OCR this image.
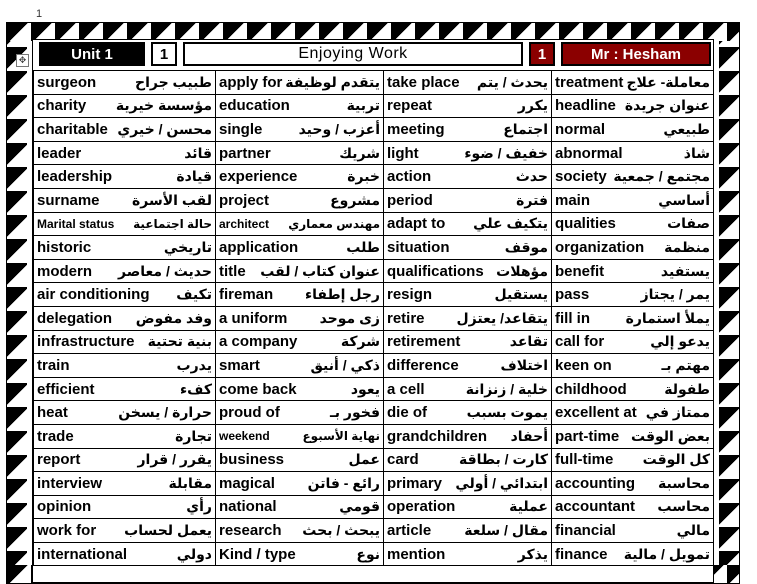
1
Unit 1	1	Enjoying Work	1	Mr : Hesham
surgeon طبيب جراح	apply for يتقدم لوظيفة	take place يحدث / يتم	treatment معاملة- علاج

charity مؤسسة خيرية	education تربية	repeat يكرر	headline عنوان جريدة

charitable محسن / خيري	single أعزب / وحيد	meeting اجتماع	normal طبيعي

leader قائد	partner شريك	light خفيف / ضوء	abnormal شاذ

leadership قيادة	experience خبرة	action حدث	society مجتمع / جمعية

surname لقب الأسرة	project مشروع	period فترة	main أساسي

Marital status حالة اجتماعية	architect مهندس معماري	adapt to يتكيف علي	qualities صفات

historic تاريخي	application طلب	situation موقف	organization منظمة

modern حديث / معاصر	title عنوان كتاب / لقب	qualifications مؤهلات	benefit يستفيد

air conditioning تكيف	fireman رجل إطفاء	resign يستقيل	pass يمر / يجتاز

delegation وفد مفوض	a uniform زى موحد	retire يتقاعد/ يعتزل	fill in يملأ استمارة

infrastructure بنية تحتية	a company شركة	retirement تقاعد	call for يدعو إلي

train يدرب	smart ذكي / أنيق	difference اختلاف	keen on مهتم بـ

efficient كفء	come back يعود	a cell خلية / زنزانة	childhood طفولة

heat حرارة / يسخن	proud of فخور بـ	die of يموت بسبب	excellent at ممتاز في

trade تجارة	weekend نهاية الأسبوع	grandchildren أحفاد	part-time بعض الوقت

report يقرر / قرار	business عمل	card كارت / بطاقة	full-time كل الوقت

interview مقابلة	magical رائع - فاتن	primary ابتدائي / أولي	accounting محاسبة

opinion رأي	national قومي	operation عملية	accountant محاسب

work for يعمل لحساب	research يبحث / بحث	article مقال / سلعة	financial مالي

international دولي	Kind / type نوع	mention يذكر	finance تمويل / مالية
✥
